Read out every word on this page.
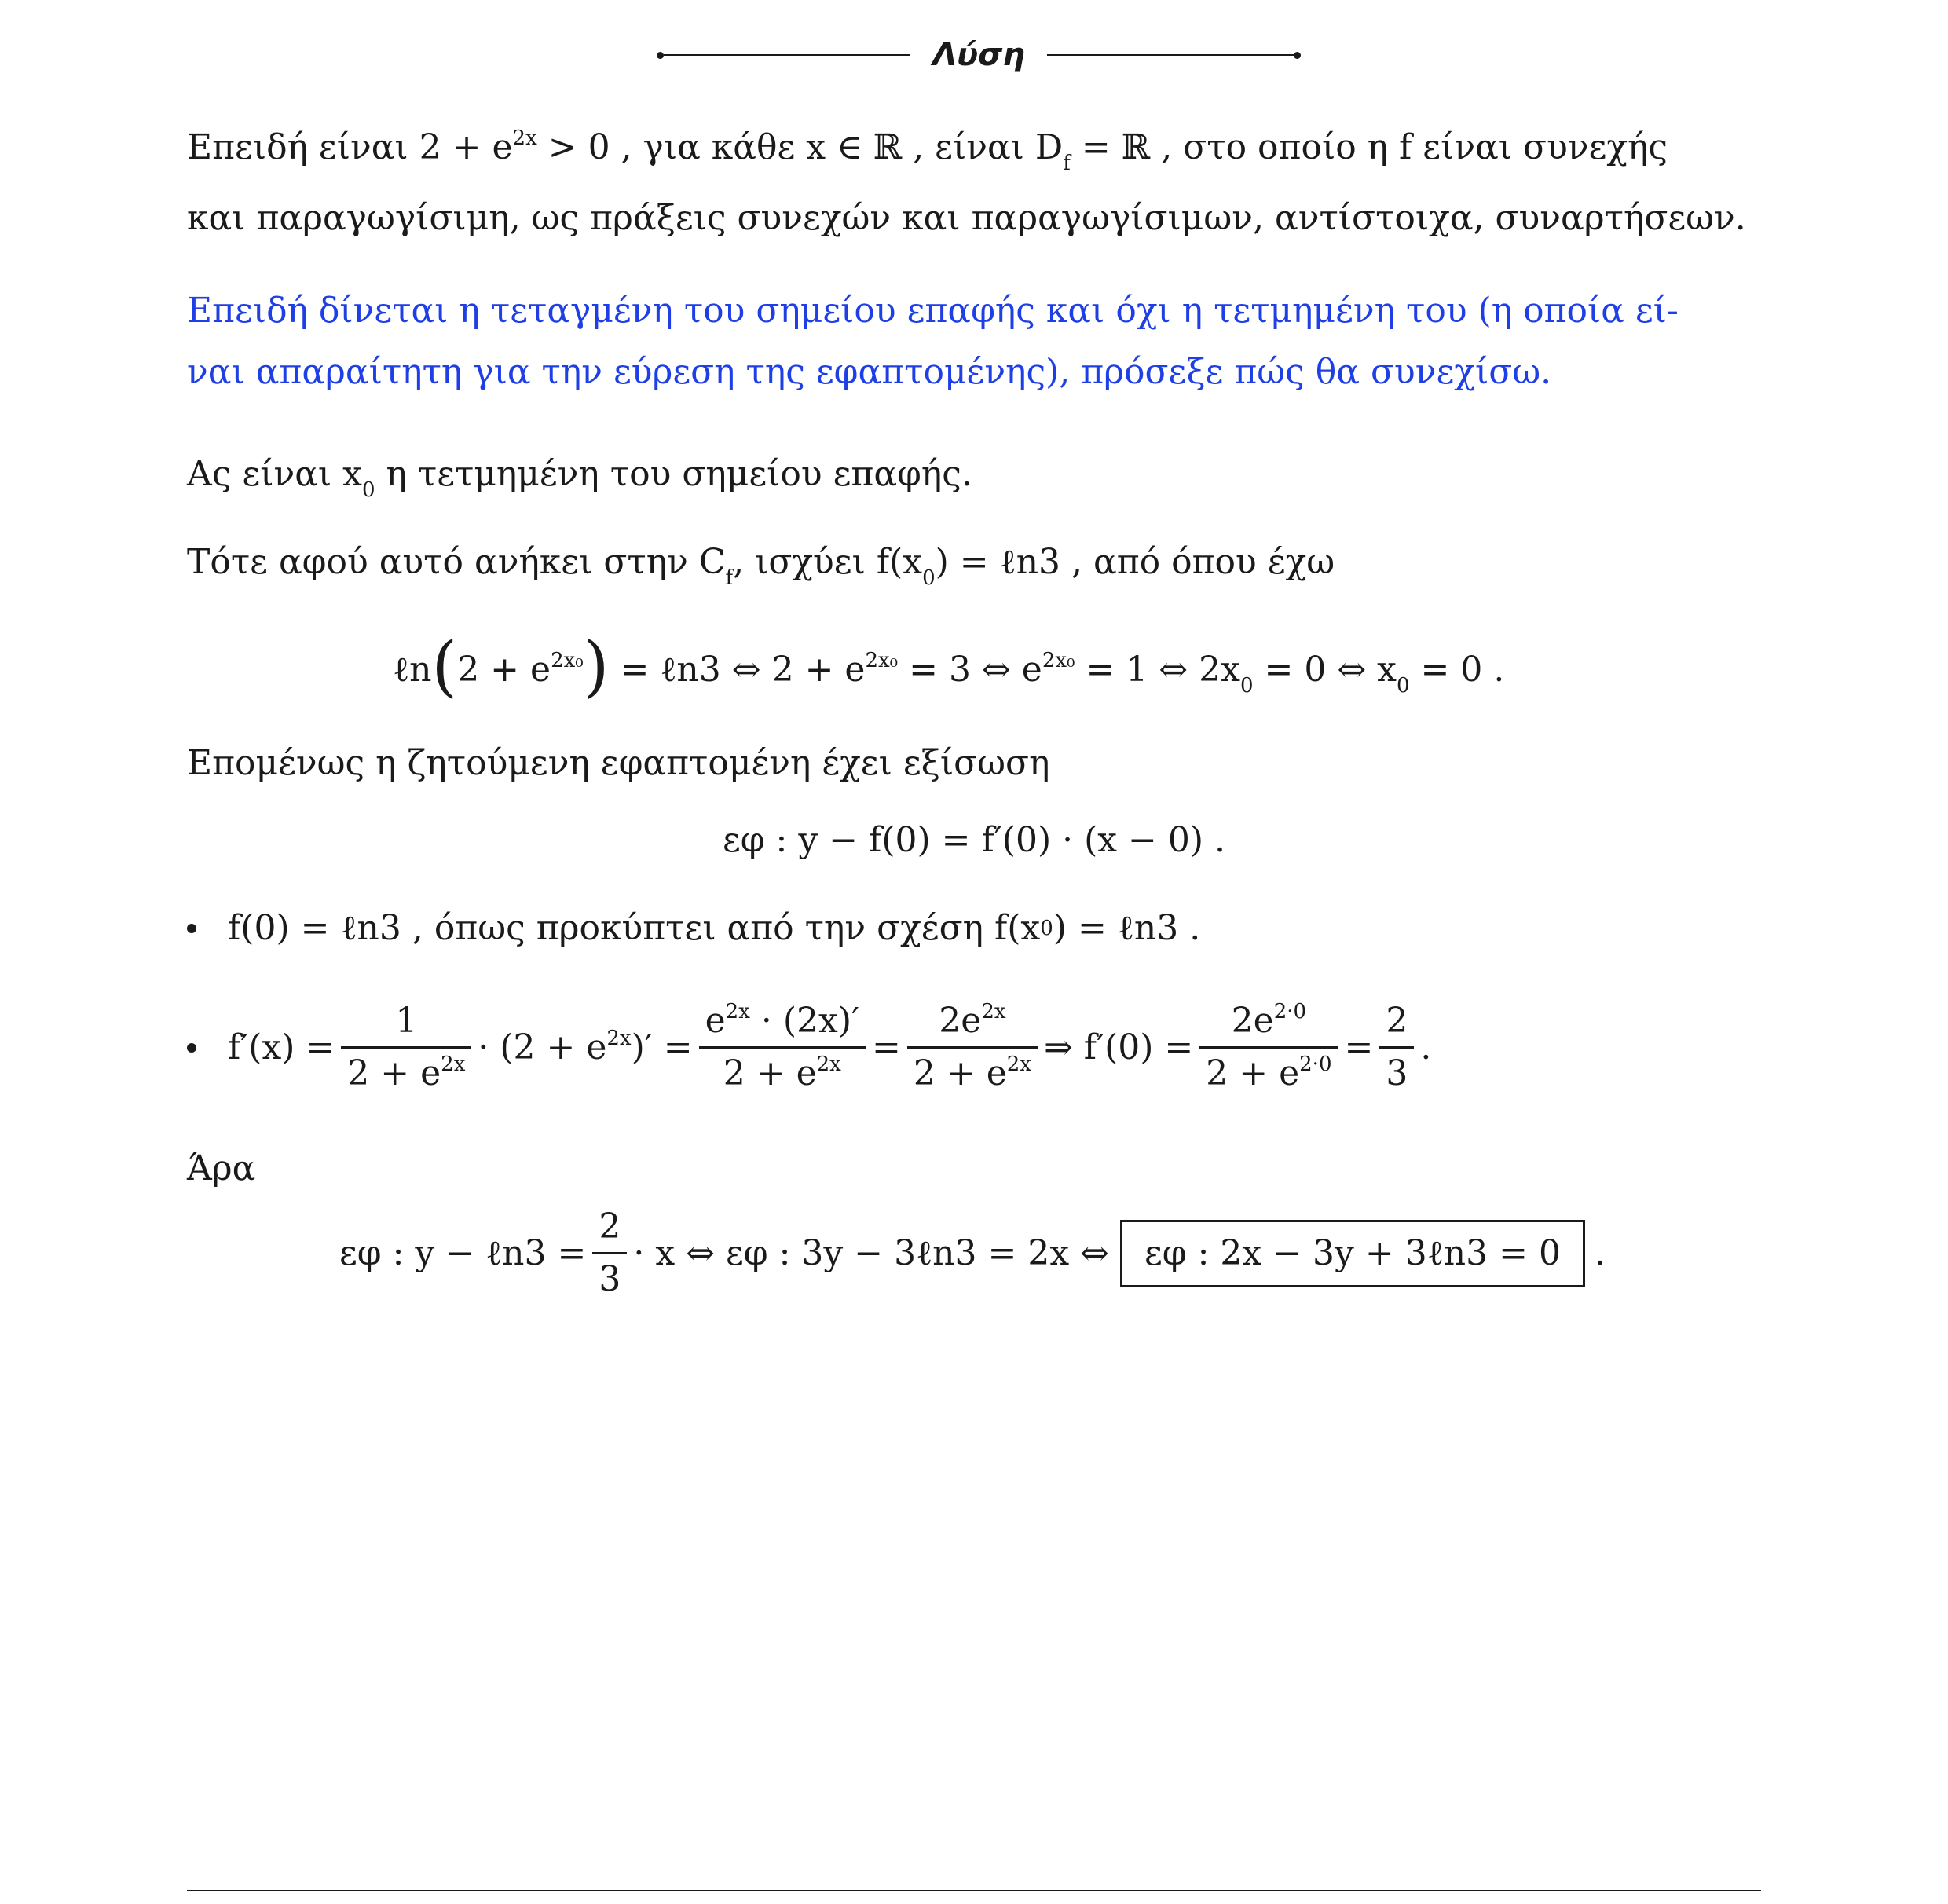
Λύση
Επειδή είναι $2 + e^{2x} > 0$ , για κάθε x ∈ ℝ , είναι $D_f$ = ℝ , στο οποίο η f είναι συνεχής
και παραγωγίσιμη, ως πράξεις συνεχών και παραγωγίσιμων, αντίστοιχα, συναρτήσεων.
Επειδή δίνεται η τεταγμένη του σημείου επαφής και όχι η τετμημένη του (η οποία εί-
ναι απαραίτητη για την εύρεση της εφαπτομένης), πρόσεξε πώς θα συνεχίσω.
Ας είναι $x_0$ η τετμημένη του σημείου επαφής.
Τότε αφού αυτό ανήκει στην $C_f$, ισχύει $f(x_0)$ = ℓn3 , από όπου έχω
ℓn(2 + $e^{2x_0}$) = ℓn3 ⇔ $2 + e^{2x_0} = 3$ ⇔ $e^{2x_0} = 1$ ⇔ $2x_0 = 0$ ⇔ $x_0 = 0$ .
Επομένως η ζητούμενη εφαπτομένη έχει εξίσωση
εφ : y − f(0) = f′(0) · (x − 0) .
f(0) = ℓn3 , όπως προκύπτει από την σχέση f(x 0 ) = ℓn3 .
$f'(x) = \frac{1}{2 + e^{2x}} \cdot (2 + e^{2x})' = \frac{e^{2x} \cdot (2x)'}{2 + e^{2x}} = \frac{2e^{2x}}{2 + e^{2x}}$ ⇒ $f'(0) = \frac{2e^{2\cdot 0}}{2 + e^{2\cdot 0}} = \frac{2}{3}$ .
Άρα
εφ : y − ℓn3 = $\frac{2}{3} \cdot x$ ⇔ εφ : 3y − 3ℓn3 = 2x ⇔	εφ : 2x − 3y + 3ℓn3 = 0 .
